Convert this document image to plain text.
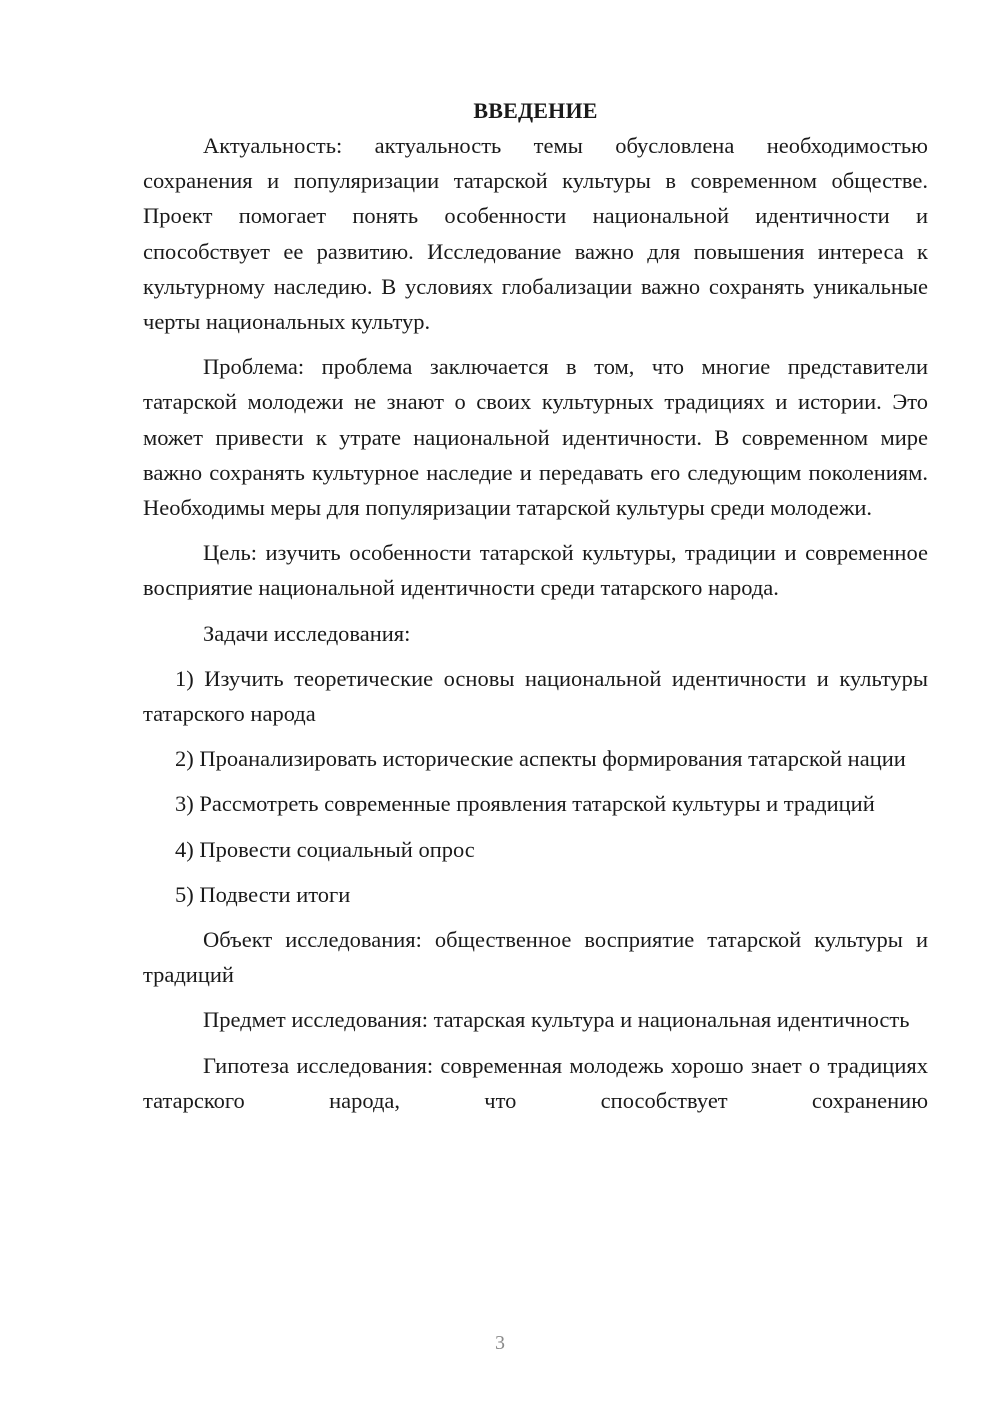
ВВЕДЕНИЕ

Актуальность: актуальность темы обусловлена необходимостью сохранения и популяризации татарской культуры в современном обществе. Проект помогает понять особенности национальной идентичности и способствует ее развитию. Исследование важно для повышения интереса к культурному наследию. В условиях глобализации важно сохранять уникальные черты национальных культур.

Проблема: проблема заключается в том, что многие представители татарской молодежи не знают о своих культурных традициях и истории. Это может привести к утрате национальной идентичности. В современном мире важно сохранять культурное наследие и передавать его следующим поколениям. Необходимы меры для популяризации татарской культуры среди молодежи.

Цель: изучить особенности татарской культуры, традиции и современное восприятие национальной идентичности среди татарского народа.

Задачи исследования:

1) Изучить теоретические основы национальной идентичности и культуры татарского народа

2) Проанализировать исторические аспекты формирования татарской нации

3) Рассмотреть современные проявления татарской культуры и традиций

4) Провести социальный опрос

5) Подвести итоги

Объект исследования: общественное восприятие татарской культуры и традиций

Предмет исследования: татарская культура и национальная идентичность

Гипотеза исследования: современная молодежь хорошо знает о традициях татарского народа, что способствует сохранению

3
